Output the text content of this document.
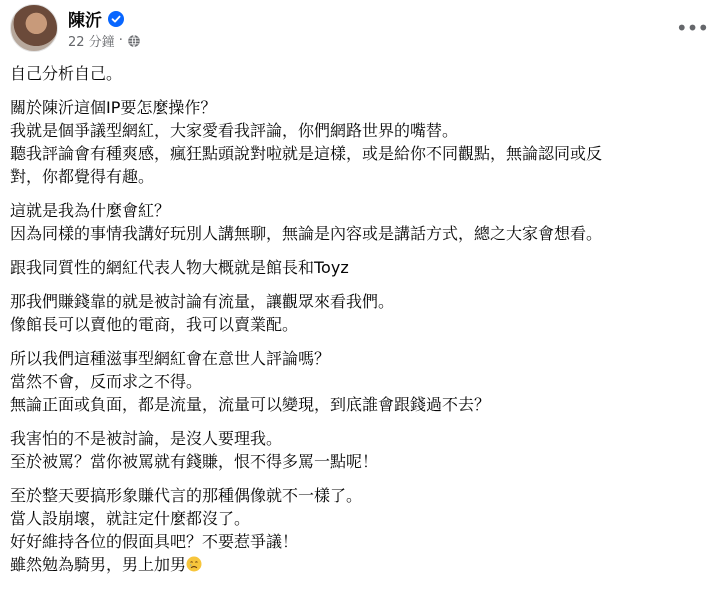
陳沂
22 分鐘 ·
•••
自己分析自己。
關於陳沂這個IP要怎麼操作？
我就是個爭議型網紅，大家愛看我評論，你們網路世界的嘴替。
聽我評論會有種爽感，瘋狂點頭說對啦就是這樣，或是給你不同觀點，無論認同或反
對，你都覺得有趣。
這就是我為什麼會紅？
因為同樣的事情我講好玩別人講無聊，無論是內容或是講話方式，總之大家會想看。
跟我同質性的網紅代表人物大概就是館長和Toyz
那我們賺錢靠的就是被討論有流量，讓觀眾來看我們。
像館長可以賣他的電商，我可以賣業配。
所以我們這種滋事型網紅會在意世人評論嗎？
當然不會，反而求之不得。
無論正面或負面，都是流量，流量可以變現，到底誰會跟錢過不去？
我害怕的不是被討論，是沒人要理我。
至於被罵？當你被罵就有錢賺，恨不得多罵一點呢！
至於整天要搞形象賺代言的那種偶像就不一樣了。
當人設崩壞，就註定什麼都沒了。
好好維持各位的假面具吧？不要惹爭議！
雖然勉為騎男，男上加男
